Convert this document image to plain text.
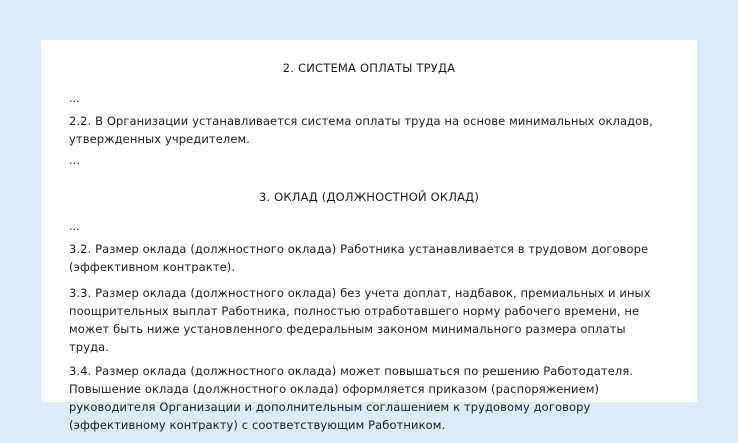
2. СИСТЕМА ОПЛАТЫ ТРУДА

...

2.2. В Организации устанавливается система оплаты труда на основе минимальных окладов, утвержденных учредителем.

...

3. ОКЛАД (ДОЛЖНОСТНОЙ ОКЛАД)

...

3.2. Размер оклада (должностного оклада) Работника устанавливается в трудовом договоре (эффективном контракте).

3.3. Размер оклада (должностного оклада) без учета доплат, надбавок, премиальных и иных поощрительных выплат Работника, полностью отработавшего норму рабочего времени, не может быть ниже установленного федеральным законом минимального размера оплаты труда.

3.4. Размер оклада (должностного оклада) может повышаться по решению Работодателя. Повышение оклада (должностного оклада) оформляется приказом (распоряжением) руководителя Организации и дополнительным соглашением к трудовому договору (эффективному контракту) с соответствующим Работником.
